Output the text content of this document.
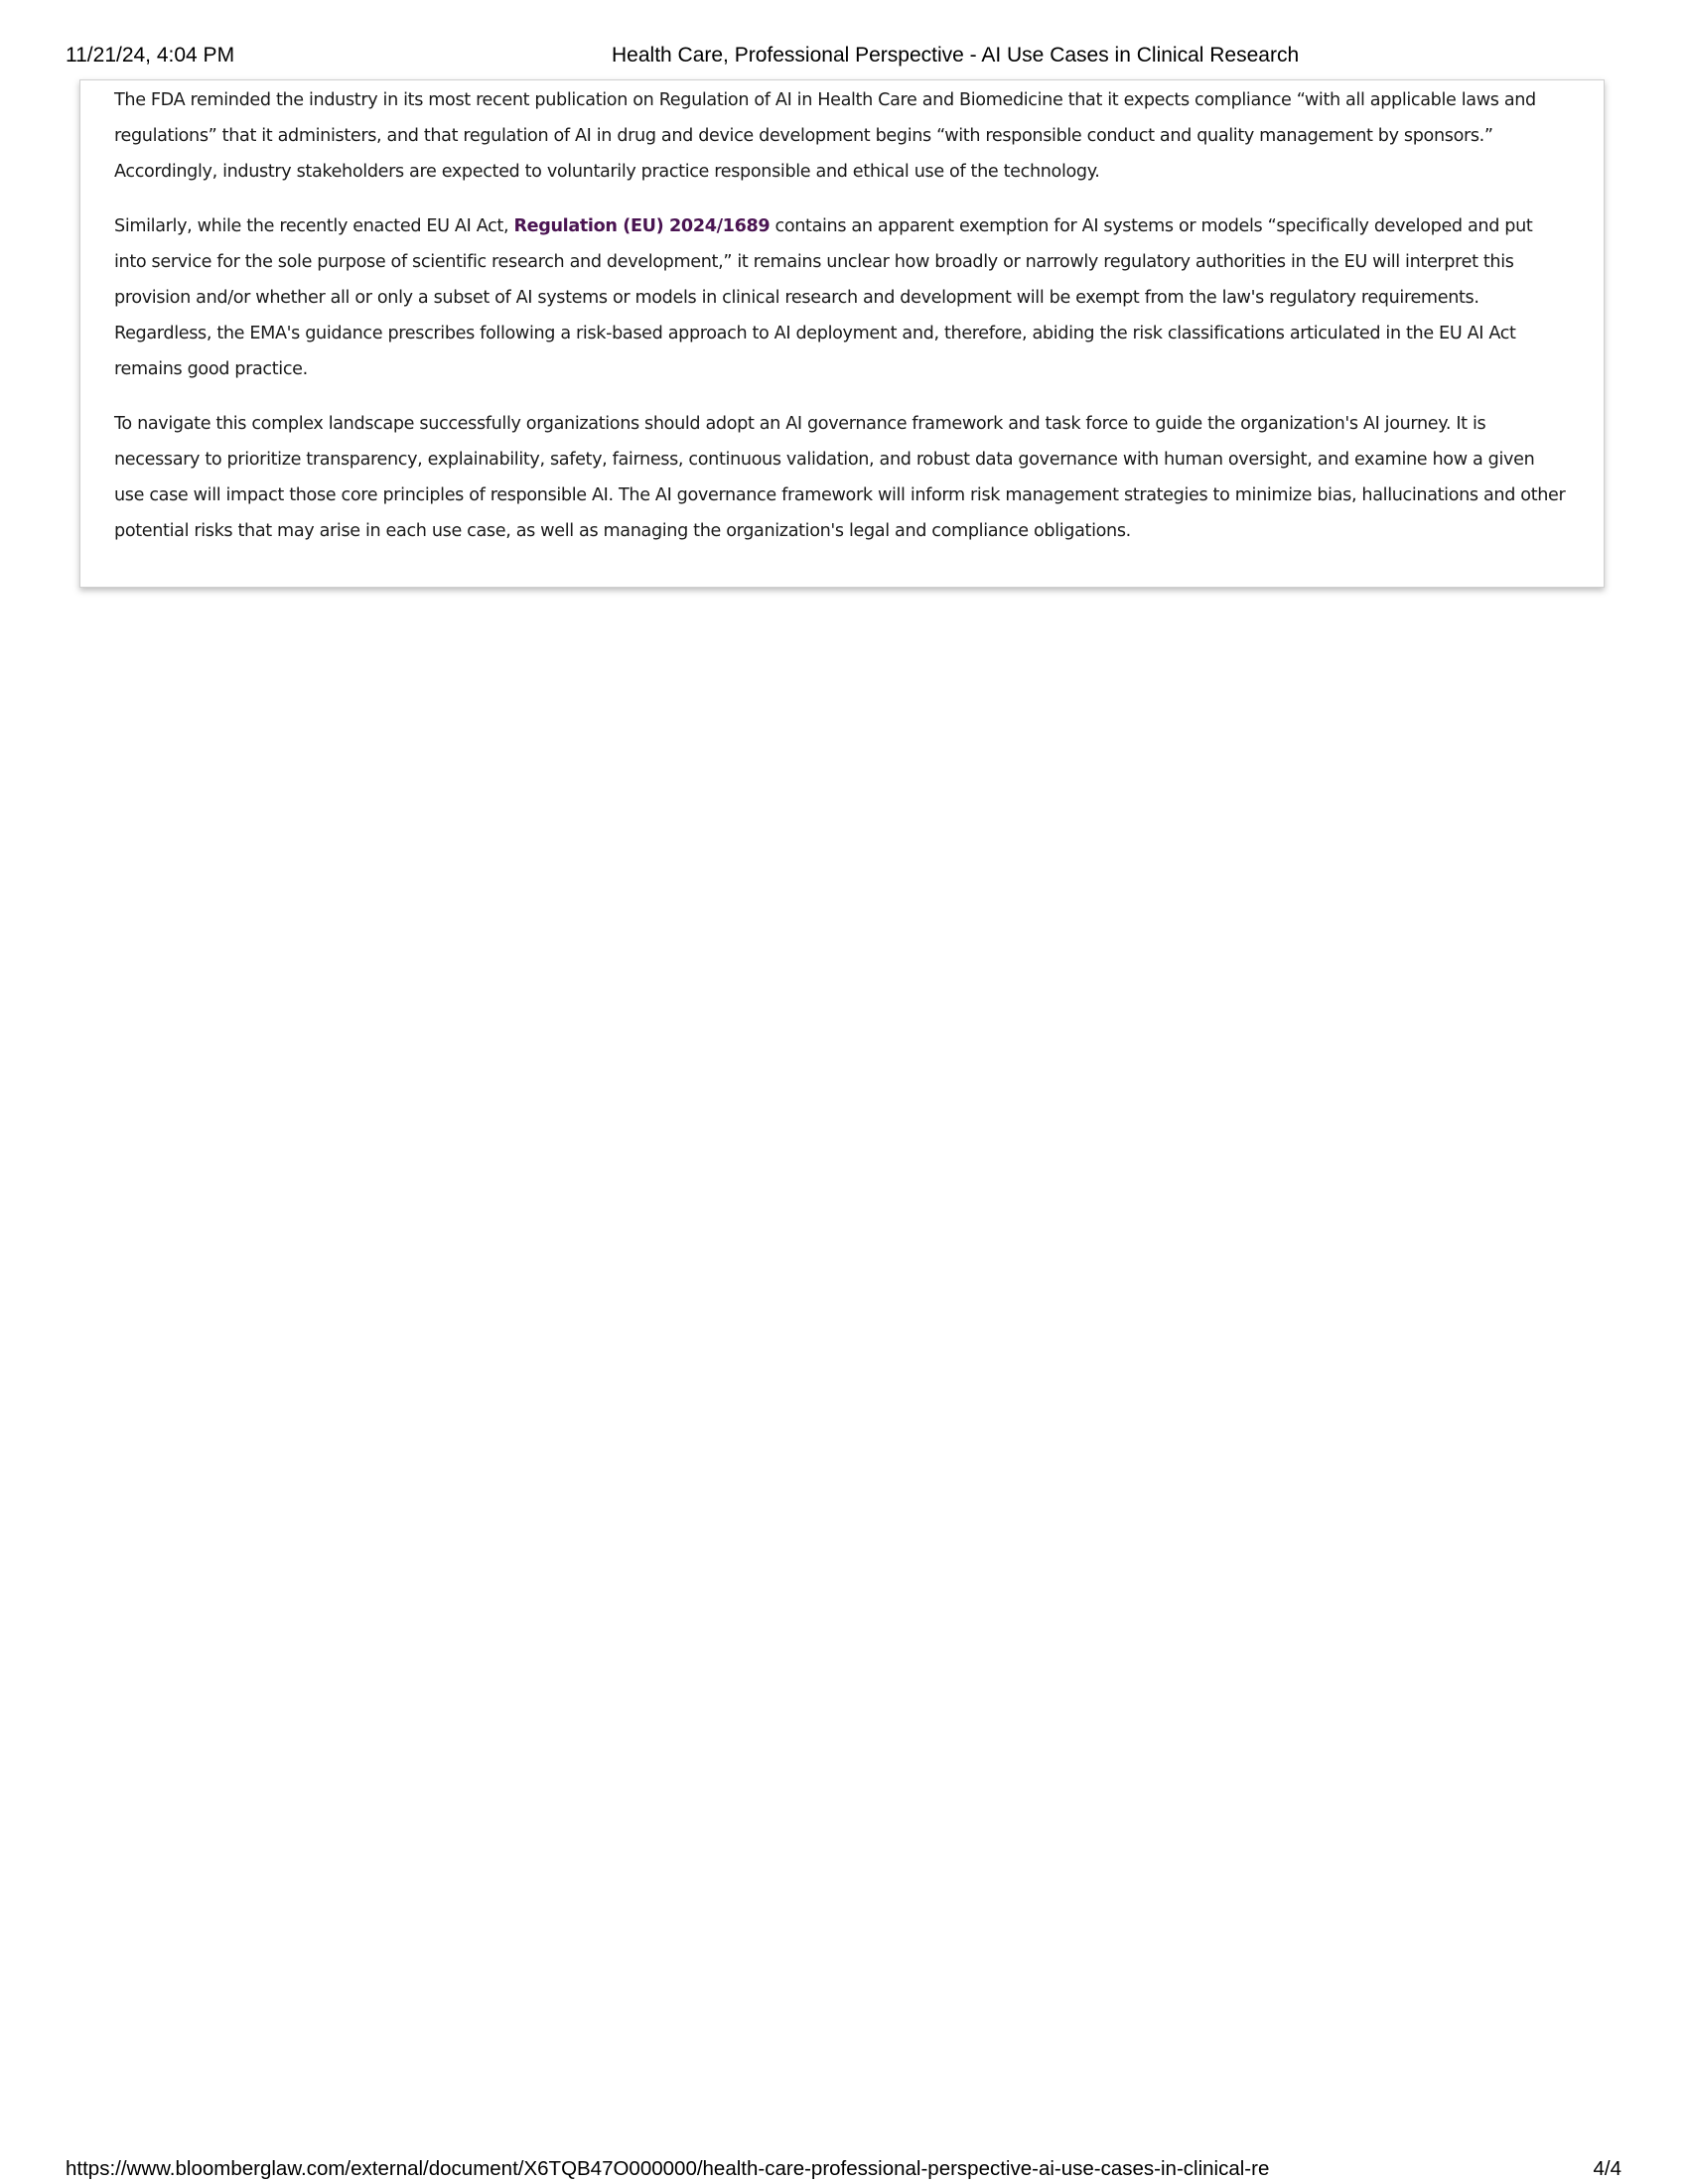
11/21/24, 4:04 PM	Health Care, Professional Perspective - AI Use Cases in Clinical Research

The FDA reminded the industry in its most recent publication on Regulation of AI in Health Care and Biomedicine that it expects compliance “with all applicable laws and regulations” that it administers, and that regulation of AI in drug and device development begins “with responsible conduct and quality management by sponsors.” Accordingly, industry stakeholders are expected to voluntarily practice responsible and ethical use of the technology.

Similarly, while the recently enacted EU AI Act, Regulation (EU) 2024/1689 contains an apparent exemption for AI systems or models “specifically developed and put into service for the sole purpose of scientific research and development,” it remains unclear how broadly or narrowly regulatory authorities in the EU will interpret this provision and/or whether all or only a subset of AI systems or models in clinical research and development will be exempt from the law's regulatory requirements. Regardless, the EMA's guidance prescribes following a risk-based approach to AI deployment and, therefore, abiding the risk classifications articulated in the EU AI Act remains good practice.

To navigate this complex landscape successfully organizations should adopt an AI governance framework and task force to guide the organization's AI journey. It is necessary to prioritize transparency, explainability, safety, fairness, continuous validation, and robust data governance with human oversight, and examine how a given use case will impact those core principles of responsible AI. The AI governance framework will inform risk management strategies to minimize bias, hallucinations and other potential risks that may arise in each use case, as well as managing the organization's legal and compliance obligations.

https://www.bloomberglaw.com/external/document/X6TQB47O000000/health-care-professional-perspective-ai-use-cases-in-clinical-re	4/4
